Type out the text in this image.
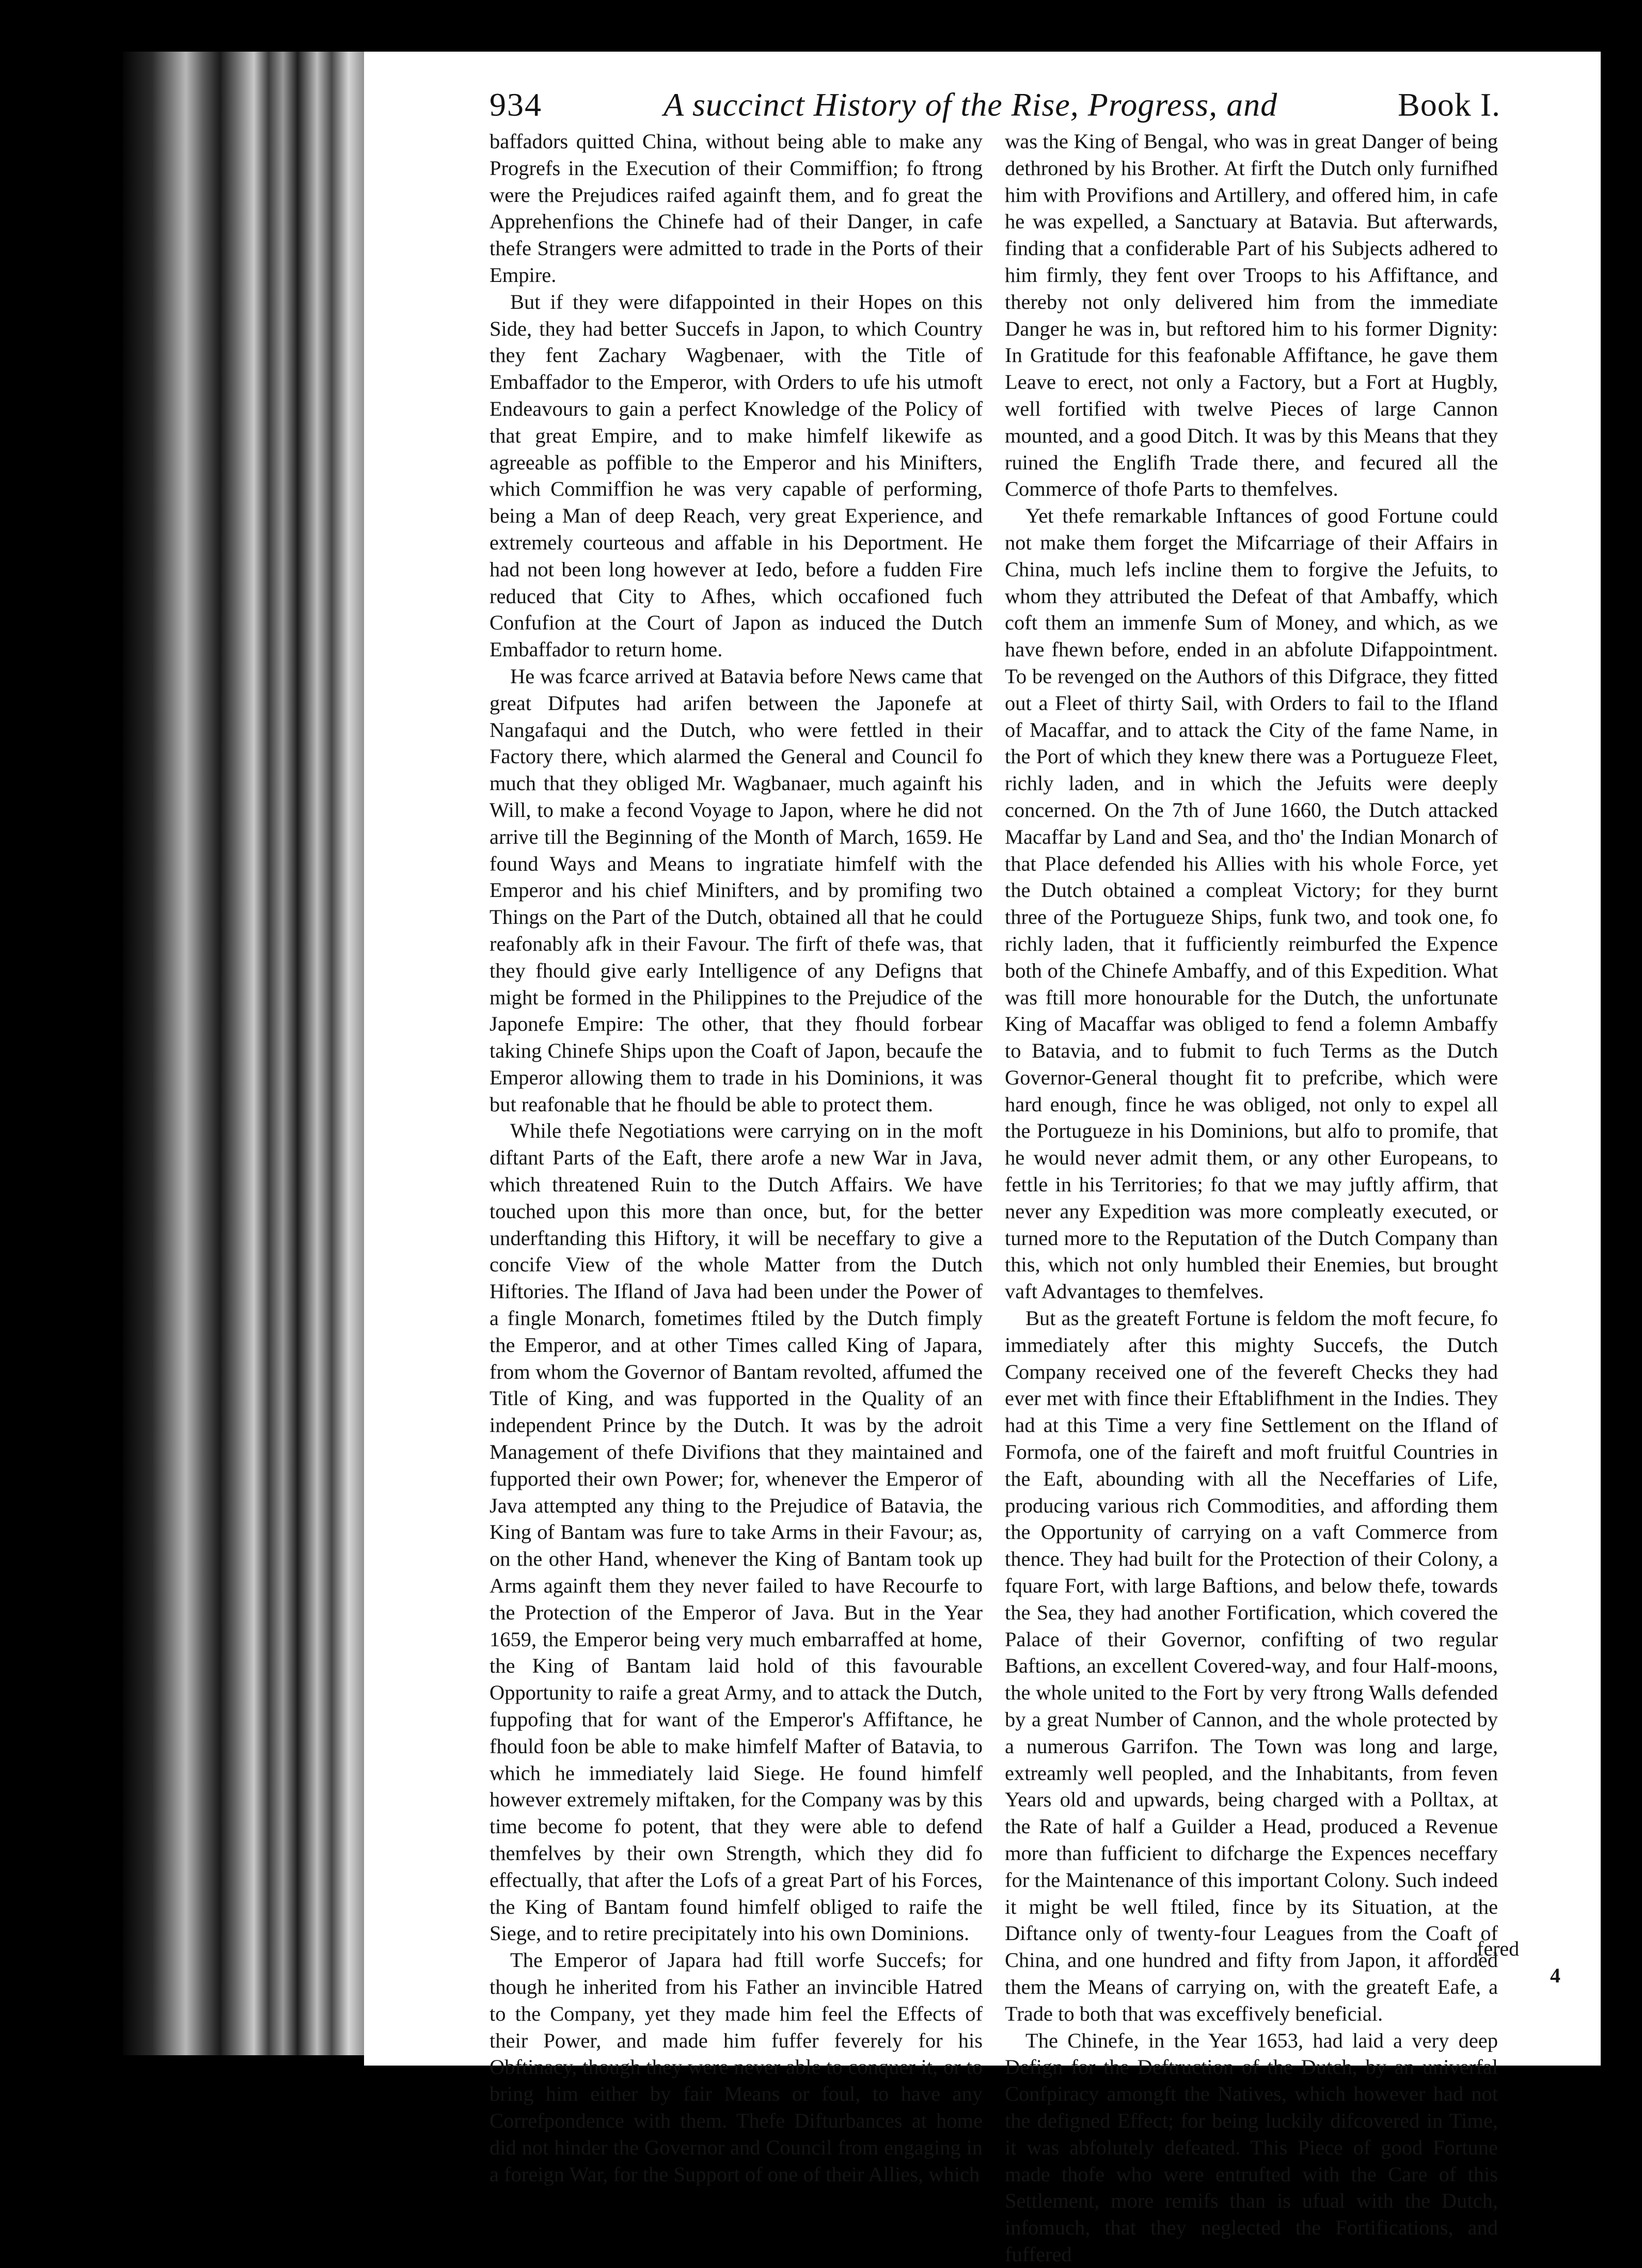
934	A succinct History of the Rise, Progress, and	Book I.

baffadors quitted China, without being able to make any Progrefs in the Execution of their Commiffion; fo ftrong were the Prejudices raifed againft them, and fo great the Apprehenfions the Chinefe had of their Danger, in cafe thefe Strangers were admitted to trade in the Ports of their Empire.

But if they were difappointed in their Hopes on this Side, they had better Succefs in Japon, to which Country they fent Zachary Wagbenaer, with the Title of Embaffador to the Emperor, with Orders to ufe his utmoft Endeavours to gain a perfect Knowledge of the Policy of that great Empire, and to make himfelf likewife as agreeable as poffible to the Emperor and his Minifters, which Commiffion he was very capable of performing, being a Man of deep Reach, very great Experience, and extremely courteous and affable in his Deportment. He had not been long however at Iedo, before a fudden Fire reduced that City to Afhes, which occafioned fuch Confufion at the Court of Japon as induced the Dutch Embaffador to return home.

He was fcarce arrived at Batavia before News came that great Difputes had arifen between the Japonefe at Nangafaqui and the Dutch, who were fettled in their Factory there, which alarmed the General and Council fo much that they obliged Mr. Wagbanaer, much againft his Will, to make a fecond Voyage to Japon, where he did not arrive till the Beginning of the Month of March, 1659. He found Ways and Means to ingratiate himfelf with the Emperor and his chief Minifters, and by promifing two Things on the Part of the Dutch, obtained all that he could reafonably afk in their Favour. The firft of thefe was, that they fhould give early Intelligence of any Defigns that might be formed in the Philippines to the Prejudice of the Japonefe Empire: The other, that they fhould forbear taking Chinefe Ships upon the Coaft of Japon, becaufe the Emperor allowing them to trade in his Dominions, it was but reafonable that he fhould be able to protect them.

While thefe Negotiations were carrying on in the moft diftant Parts of the Eaft, there arofe a new War in Java, which threatened Ruin to the Dutch Affairs. We have touched upon this more than once, but, for the better underftanding this Hiftory, it will be neceffary to give a concife View of the whole Matter from the Dutch Hiftories. The Ifland of Java had been under the Power of a fingle Monarch, fometimes ftiled by the Dutch fimply the Emperor, and at other Times called King of Japara, from whom the Governor of Bantam revolted, affumed the Title of King, and was fupported in the Quality of an independent Prince by the Dutch. It was by the adroit Management of thefe Divifions that they maintained and fupported their own Power; for, whenever the Emperor of Java attempted any thing to the Prejudice of Batavia, the King of Bantam was fure to take Arms in their Favour; as, on the other Hand, whenever the King of Bantam took up Arms againft them they never failed to have Recourfe to the Protection of the Emperor of Java. But in the Year 1659, the Emperor being very much embarraffed at home, the King of Bantam laid hold of this favourable Opportunity to raife a great Army, and to attack the Dutch, fuppofing that for want of the Emperor's Affiftance, he fhould foon be able to make himfelf Mafter of Batavia, to which he immediately laid Siege. He found himfelf however extremely miftaken, for the Company was by this time become fo potent, that they were able to defend themfelves by their own Strength, which they did fo effectually, that after the Lofs of a great Part of his Forces, the King of Bantam found himfelf obliged to raife the Siege, and to retire precipitately into his own Dominions.

The Emperor of Japara had ftill worfe Succefs; for though he inherited from his Father an invincible Hatred to the Company, yet they made him feel the Effects of their Power, and made him fuffer feverely for his Obftinacy, though they were never able to conquer it, or to bring him either by fair Means or foul, to have any Correfpondence with them. Thefe Difturbances at home did not hinder the Governor and Council from engaging in a foreign War, for the Support of one of their Allies, which

was the King of Bengal, who was in great Danger of being dethroned by his Brother. At firft the Dutch only furnifhed him with Provifions and Artillery, and offered him, in cafe he was expelled, a Sanctuary at Batavia. But afterwards, finding that a confiderable Part of his Subjects adhered to him firmly, they fent over Troops to his Affiftance, and thereby not only delivered him from the immediate Danger he was in, but reftored him to his former Dignity: In Gratitude for this feafonable Affiftance, he gave them Leave to erect, not only a Factory, but a Fort at Hugbly, well fortified with twelve Pieces of large Cannon mounted, and a good Ditch. It was by this Means that they ruined the Englifh Trade there, and fecured all the Commerce of thofe Parts to themfelves.

Yet thefe remarkable Inftances of good Fortune could not make them forget the Mifcarriage of their Affairs in China, much lefs incline them to forgive the Jefuits, to whom they attributed the Defeat of that Ambaffy, which coft them an immenfe Sum of Money, and which, as we have fhewn before, ended in an abfolute Difappointment. To be revenged on the Authors of this Difgrace, they fitted out a Fleet of thirty Sail, with Orders to fail to the Ifland of Macaffar, and to attack the City of the fame Name, in the Port of which they knew there was a Portugueze Fleet, richly laden, and in which the Jefuits were deeply concerned. On the 7th of June 1660, the Dutch attacked Macaffar by Land and Sea, and tho' the Indian Monarch of that Place defended his Allies with his whole Force, yet the Dutch obtained a compleat Victory; for they burnt three of the Portugueze Ships, funk two, and took one, fo richly laden, that it fufficiently reimburfed the Expence both of the Chinefe Ambaffy, and of this Expedition. What was ftill more honourable for the Dutch, the unfortunate King of Macaffar was obliged to fend a folemn Ambaffy to Batavia, and to fubmit to fuch Terms as the Dutch Governor-General thought fit to prefcribe, which were hard enough, fince he was obliged, not only to expel all the Portugueze in his Dominions, but alfo to promife, that he would never admit them, or any other Europeans, to fettle in his Territories; fo that we may juftly affirm, that never any Expedition was more compleatly executed, or turned more to the Reputation of the Dutch Company than this, which not only humbled their Enemies, but brought vaft Advantages to themfelves.

But as the greateft Fortune is feldom the moft fecure, fo immediately after this mighty Succefs, the Dutch Company received one of the fevereft Checks they had ever met with fince their Eftablifhment in the Indies. They had at this Time a very fine Settlement on the Ifland of Formofa, one of the faireft and moft fruitful Countries in the Eaft, abounding with all the Neceffaries of Life, producing various rich Commodities, and affording them the Opportunity of carrying on a vaft Commerce from thence. They had built for the Protection of their Colony, a fquare Fort, with large Baftions, and below thefe, towards the Sea, they had another Fortification, which covered the Palace of their Governor, confifting of two regular Baftions, an excellent Covered-way, and four Half-moons, the whole united to the Fort by very ftrong Walls defended by a great Number of Cannon, and the whole protected by a numerous Garrifon. The Town was long and large, extreamly well peopled, and the Inhabitants, from feven Years old and upwards, being charged with a Polltax, at the Rate of half a Guilder a Head, produced a Revenue more than fufficient to difcharge the Expences neceffary for the Maintenance of this important Colony. Such indeed it might be well ftiled, fince by its Situation, at the Diftance only of twenty-four Leagues from the Coaft of China, and one hundred and fifty from Japon, it afforded them the Means of carrying on, with the greateft Eafe, a Trade to both that was exceffively beneficial.

The Chinefe, in the Year 1653, had laid a very deep Defign for the Deftruction of the Dutch, by an univerfal Confpiracy amongft the Natives, which however had not the defigned Effect; for being luckily difcovered in Time, it was abfolutely defeated. This Piece of good Fortune made thofe who were entrufted with the Care of this Settlement, more remifs than is ufual with the Dutch, infomuch, that they neglected the Fortifications, and fuffered

fered
4
